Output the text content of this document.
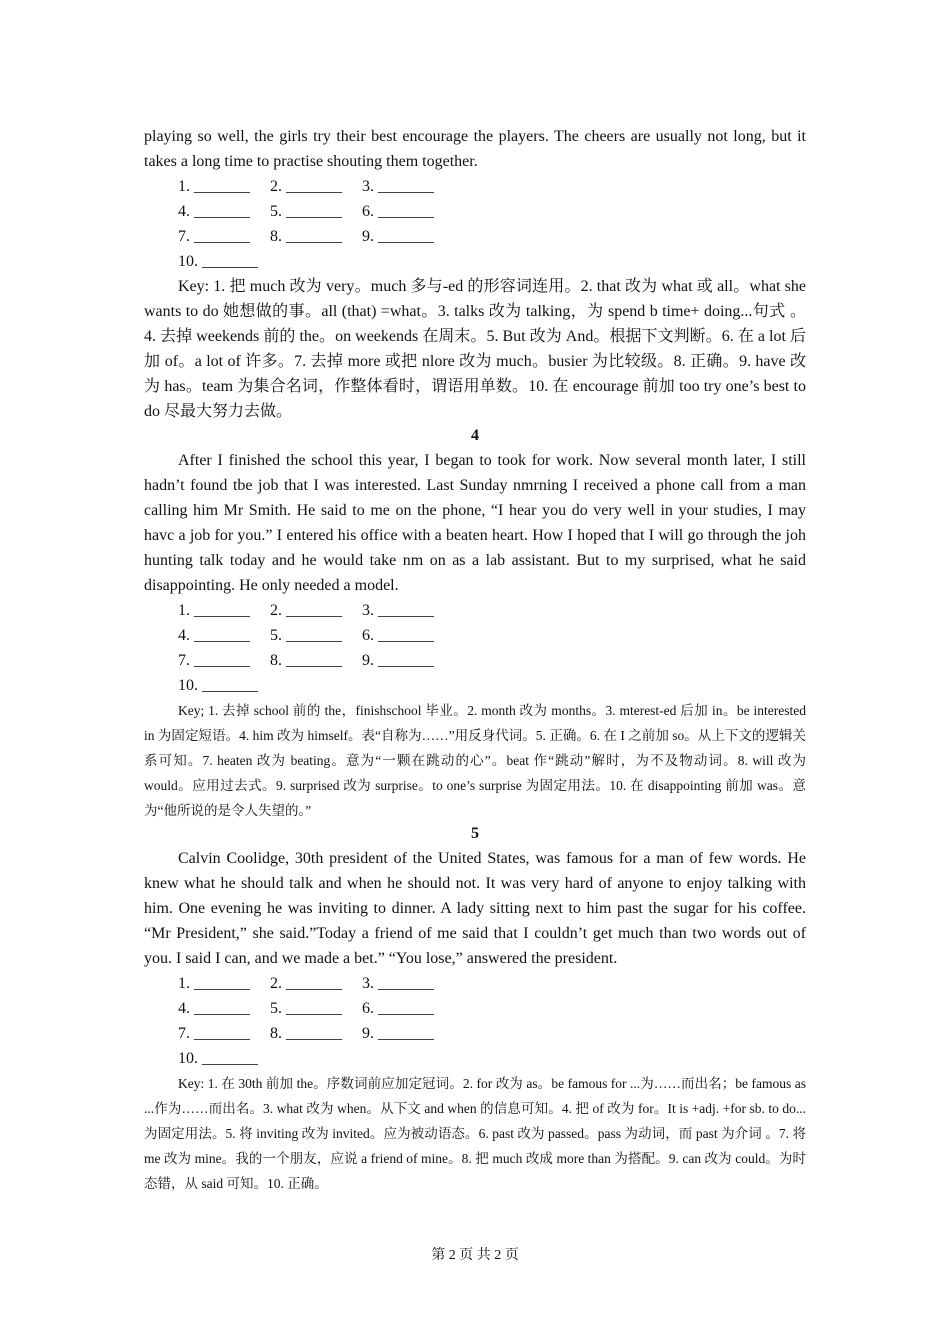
playing so well, the girls try their best encourage the players. The cheers are usually not long, but it takes a long time to practise shouting them together.

1. _______ 2. _______ 3. _______
4. _______ 5. _______ 6. _______
7. _______ 8. _______ 9. _______
10. _______

Key: 1. 把 much 改为 very。much 多与-ed 的形容词连用。2. that 改为 what 或 all。what she wants to do 她想做的事。all (that) =what。3. talks 改为 talking，为 spend b time+ doing...句式 。4. 去掉 weekends 前的 the。on weekends 在周末。5. But 改为 And。根据下文判断。6. 在 a lot 后加 of。a lot of 许多。7. 去掉 more 或把 nlore 改为 much。busier 为比较级。8. 正确。9. have 改为 has。team 为集合名词，作整体看时，谓语用单数。10. 在 encourage 前加 too try one’s best to do 尽最大努力去做。

4

After I finished the school this year, I began to took for work. Now several month later, I still hadn’t found tbe job that I was interested. Last Sunday nmrning I received a phone call from a man calling him Mr Smith. He said to me on the phone, “I hear you do very well in your studies, I may havc a job for you.” I entered his office with a beaten heart. How I hoped that I will go through the joh hunting talk today and he would take nm on as a lab assistant. But to my surprised, what he said disappointing. He only needed a model.

1. _______ 2. _______ 3. _______
4. _______ 5. _______ 6. _______
7. _______ 8. _______ 9. _______
10. _______

Key; 1. 去掉 school 前的 the，finishschool 毕业。2. month 改为 months。3. mterest-ed 后加 in。be interested in 为固定短语。4. him 改为 himself。表“自称为……”用反身代词。5. 正确。6. 在 I 之前加 so。从上下文的逻辑关系可知。7. heaten 改为 beating。意为“一颗在跳动的心”。beat 作“跳动”解时，为不及物动词。8. will 改为 would。应用过去式。9. surprised 改为 surprise。to one’s surprise 为固定用法。10. 在 disappointing 前加 was。意为“他所说的是令人失望的。”

5

Calvin Coolidge, 30th president of the United States, was famous for a man of few words. He knew what he should talk and when he should not. It was very hard of anyone to enjoy talking with him. One evening he was inviting to dinner. A lady sitting next to him past the sugar for his coffee. “Mr President,” she said.”Today a friend of me said that I couldn’t get much than two words out of you. I said I can, and we made a bet.” “You lose,” answered the president.

1. _______ 2. _______ 3. _______
4. _______ 5. _______ 6. _______
7. _______ 8. _______ 9. _______
10. _______

Key: 1. 在 30th 前加 the。序数词前应加定冠词。2. for 改为 as。be famous for ...为……而出名；be famous as ...作为……而出名。3. what 改为 when。从下文 and when 的信息可知。4. 把 of 改为 for。It is +adj. +for sb. to do...为固定用法。5. 将 inviting 改为 invited。应为被动语态。6. past 改为 passed。pass 为动词，而 past 为介词 。7. 将 me 改为 mine。我的一个朋友，应说 a friend of mine。8. 把 much 改成 more than 为搭配。9. can 改为 could。为时态错，从 said 可知。10. 正确。

第 2 页 共 2 页
